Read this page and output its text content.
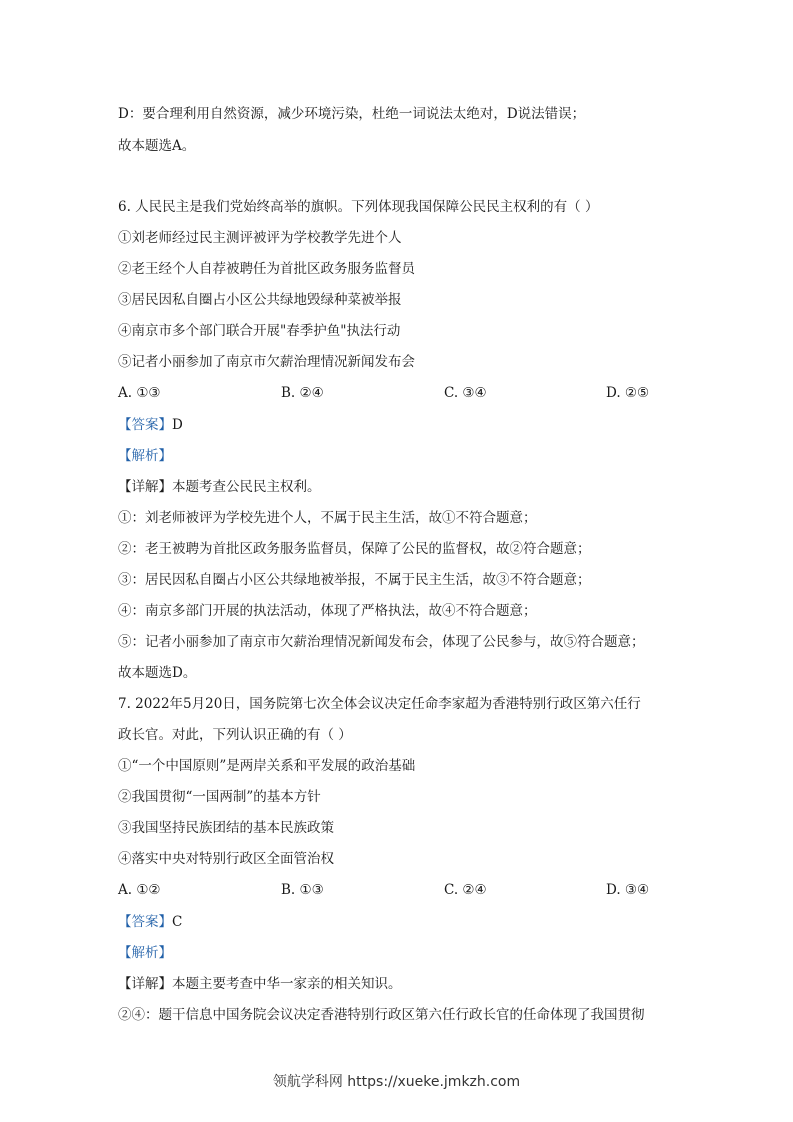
D：要合理利用自然资源，减少环境污染，杜绝一词说法太绝对，D说法错误；
故本题选A。
6. 人民民主是我们党始终高举的旗帜。下列体现我国保障公民民主权利的有（ ）
①刘老师经过民主测评被评为学校教学先进个人
②老王经个人自荐被聘任为首批区政务服务监督员
③居民因私自圈占小区公共绿地毁绿种菜被举报
④南京市多个部门联合开展"春季护鱼"执法行动
⑤记者小丽参加了南京市欠薪治理情况新闻发布会
A. ①③	B. ②④	C. ③④	D. ②⑤
【答案】D
【解析】
【详解】本题考查公民民主权利。
①：刘老师被评为学校先进个人，不属于民主生活，故①不符合题意；
②：老王被聘为首批区政务服务监督员，保障了公民的监督权，故②符合题意；
③：居民因私自圈占小区公共绿地被举报，不属于民主生活，故③不符合题意；
④：南京多部门开展的执法活动，体现了严格执法，故④不符合题意；
⑤：记者小丽参加了南京市欠薪治理情况新闻发布会，体现了公民参与，故⑤符合题意；
故本题选D。
7. 2022年5月20日，国务院第七次全体会议决定任命李家超为香港特别行政区第六任行
政长官。对此，下列认识正确的有（ ）
①“一个中国原则”是两岸关系和平发展的政治基础
②我国贯彻“一国两制”的基本方针
③我国坚持民族团结的基本民族政策
④落实中央对特别行政区全面管治权
A. ①②	B. ①③	C. ②④	D. ③④
【答案】C
【解析】
【详解】本题主要考查中华一家亲的相关知识。
②④：题干信息中国务院会议决定香港特别行政区第六任行政长官的任命体现了我国贯彻
领航学科网 https://xueke.jmkzh.com
